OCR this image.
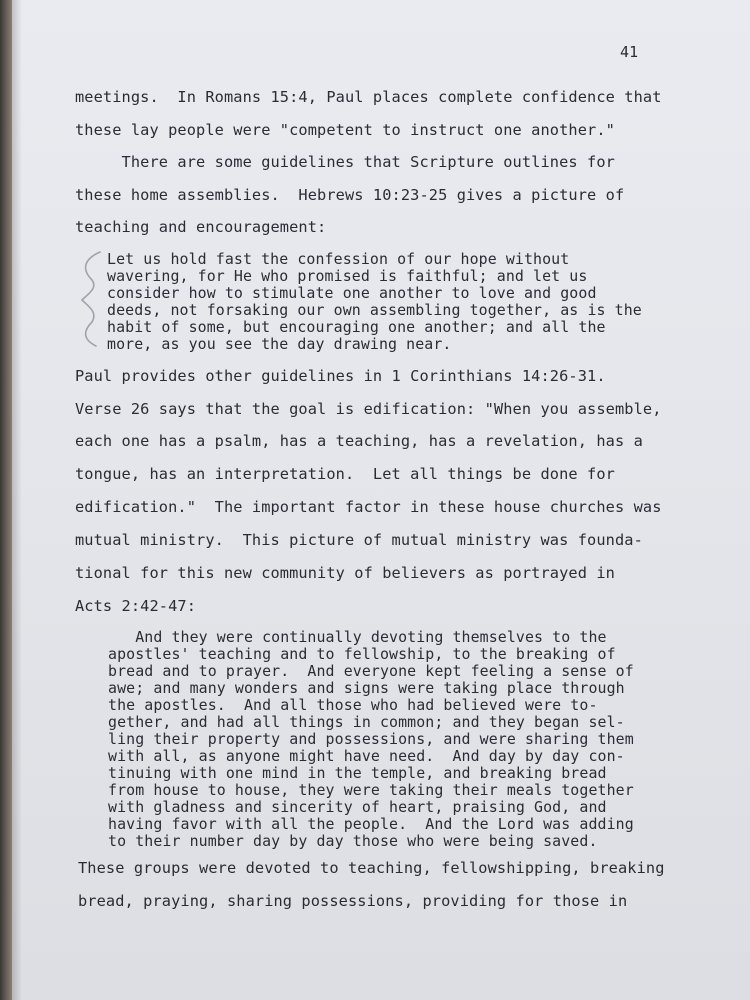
41
meetings.  In Romans 15:4, Paul places complete confidence that
these lay people were "competent to instruct one another."
There are some guidelines that Scripture outlines for
these home assemblies.  Hebrews 10:23-25 gives a picture of
teaching and encouragement:
Let us hold fast the confession of our hope without
wavering, for He who promised is faithful; and let us
consider how to stimulate one another to love and good
deeds, not forsaking our own assembling together, as is the
habit of some, but encouraging one another; and all the
more, as you see the day drawing near.
Paul provides other guidelines in 1 Corinthians 14:26-31.
Verse 26 says that the goal is edification: "When you assemble,
each one has a psalm, has a teaching, has a revelation, has a
tongue, has an interpretation.  Let all things be done for
edification."  The important factor in these house churches was
mutual ministry.  This picture of mutual ministry was founda-
tional for this new community of believers as portrayed in
Acts 2:42-47:
And they were continually devoting themselves to the
apostles' teaching and to fellowship, to the breaking of
bread and to prayer.  And everyone kept feeling a sense of
awe; and many wonders and signs were taking place through
the apostles.  And all those who had believed were to-
gether, and had all things in common; and they began sel-
ling their property and possessions, and were sharing them
with all, as anyone might have need.  And day by day con-
tinuing with one mind in the temple, and breaking bread
from house to house, they were taking their meals together
with gladness and sincerity of heart, praising God, and
having favor with all the people.  And the Lord was adding
to their number day by day those who were being saved.
These groups were devoted to teaching, fellowshipping, breaking
bread, praying, sharing possessions, providing for those in
